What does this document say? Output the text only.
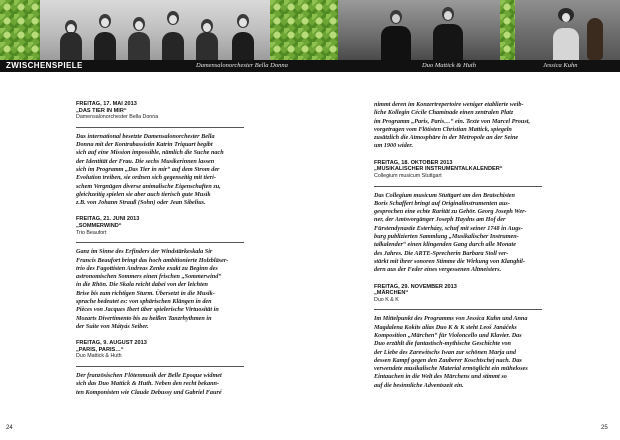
ZWISCHENSPIELE	Damensalonorchester Bella Donna	Duo Mattick & Huth	Jessica Kuhn
FREITAG, 17. MAI 2013
„DAS TIER IN MIR“
Damensalonorchester Bella Donna
Das international besetzte Damensalonorchester Bella
Donna mit der Kontrabassistin Katrin Triquart begibt
sich auf eine Mission impossible, nämlich die Suche nach
der Identität der Frau. Die sechs Musikerinnen lassen
sich im Programm „Das Tier in mir“ auf dem Strom der
Evolution treiben, sie ordnen sich gegenseitig mit tieri-
schem Vergnügen diverse animalische Eigenschaften zu,
gleichzeitig spielen sie aber auch tierisch gute Musik
z.B. von Johann Strauß (Sohn) oder Jean Sibelius.
FREITAG, 21. JUNI 2013
„SOMMERWIND“
Trio Beaufort
Ganz im Sinne des Erfinders der Windstärkeskala Sir
Francis Beaufort bringt das hoch ambitionierte Holzbläser-
trio des Fagottisten Andreas Zenke exakt zu Beginn des
astronomischen Sommers einen frischen „Sommerwind“
in die Rhön. Die Skala reicht dabei von der leichten
Brise bis zum richtigen Sturm. Übersetzt in die Musik-
sprache bedeutet es: von sphärischen Klängen in den
Pièces von Jacques Ibert über spielerische Virtuosität in
Mozarts Divertimento bis zu heißen Tanzrhythmen in
der Suite von Mátyás Seiber.
FREITAG, 9. AUGUST 2013
„PARIS, PARIS…“
Duo Mattick & Huth
Der französischen Flötenmusik der Belle Epoque widmet
sich das Duo Mattick & Huth. Neben den recht bekann-
ten Komponisten wie Claude Debussy und Gabriel Fauré
nimmt deren im Konzertrepertoire weniger etablierte weib-
liche Kollegin Cécile Chaminade einen zentralen Platz
im Programm „Paris, Paris…“ ein. Texte von Marcel Proust,
vorgetragen vom Flötisten Christian Mattick, spiegeln
zusätzlich die Atmosphäre in der Metropole an der Seine
um 1900 wider.
FREITAG, 18. OKTOBER 2013
„MUSIKALISCHER INSTRUMENTALKALENDER“
Collegium musicum Stuttgart
Das Collegium musicum Stuttgart um den Bratschisten
Boris Schaffert bringt auf Originalinstrumenten aus-
gesprochen eine echte Rarität zu Gehör. Georg Joseph Wer-
ner, der Amtsvorgänger Joseph Haydns am Hof der
Fürstendynastie Esterházy, schuf mit seiner 1748 in Augs-
burg publizierten Sammlung „Musikalischer Instrumen-
talkalender“ einen klingenden Gang durch alle Monate
des Jahres. Die ARTE-Sprecherin Barbara Stoll ver-
stärkt mit ihrer sonoren Stimme die Wirkung von Klangbil-
dern aus der Feder eines vergessenen Altmeisters.
FREITAG, 29. NOVEMBER 2013
„MÄRCHEN“
Duo K & K
Im Mittelpunkt des Programms von Jessica Kuhn und Anna
Magdalena Kokits alias Duo K & K steht Leoš Janáčeks
Komposition „Märchen“ für Violoncello und Klavier. Das
Duo erzählt die fantastisch-mythische Geschichte von
der Liebe des Zarewitschs Iwan zur schönen Marja und
dessen Kampf gegen den Zauberer Koschtschej nach. Das
verwendete musikalische Material ermöglicht ein müheloses
Eintauchen in die Welt des Märchens und stimmt so
auf die besinnliche Adventszeit ein.
24	25
